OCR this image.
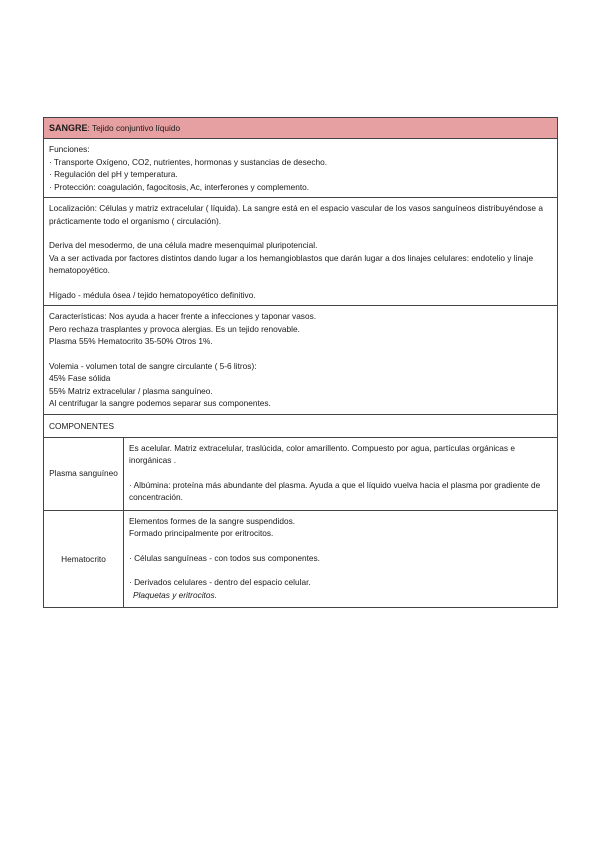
SANGRE: Tejido conjuntivo líquido
Funciones:
· Transporte Oxígeno, CO2, nutrientes, hormonas y sustancias de desecho.
· Regulación del pH y temperatura.
· Protección: coagulación, fagocitosis, Ac, interferones y complemento.
Localización: Células y matriz extracelular ( líquida). La sangre está en el espacio vascular de los vasos sanguíneos distribuyéndose a prácticamente todo el organismo ( circulación).
Deriva del mesodermo, de una célula madre mesenquimal pluripotencial.
Va a ser activada por factores distintos dando lugar a los hemangioblastos que darán lugar a dos linajes celulares: endotelio y linaje hematopoyético.
Hígado - médula ósea / tejido hematopoyético definitivo.
Características: Nos ayuda a hacer frente a infecciones y taponar vasos.
Pero rechaza trasplantes y provoca alergias. Es un tejido renovable.
Plasma 55% Hematocrito 35-50% Otros 1%.
Volemia - volumen total de sangre circulante ( 5-6 litros):
45% Fase sólida
55% Matriz extracelular / plasma sanguíneo.
Al centrifugar la sangre podemos separar sus componentes.
COMPONENTES
Plasma sanguíneo
Es acelular. Matriz extracelular, traslúcida, color amarillento. Compuesto por agua, partículas orgánicas e inorgánicas .
· Albúmina: proteína más abundante del plasma. Ayuda a que el líquido vuelva hacia el plasma por gradiente de concentración.
Hematocrito
Elementos formes de la sangre suspendidos.
Formado principalmente por eritrocitos.
· Células sanguíneas - con todos sus componentes.
· Derivados celulares - dentro del espacio celular.
Plaquetas y eritrocitos.
